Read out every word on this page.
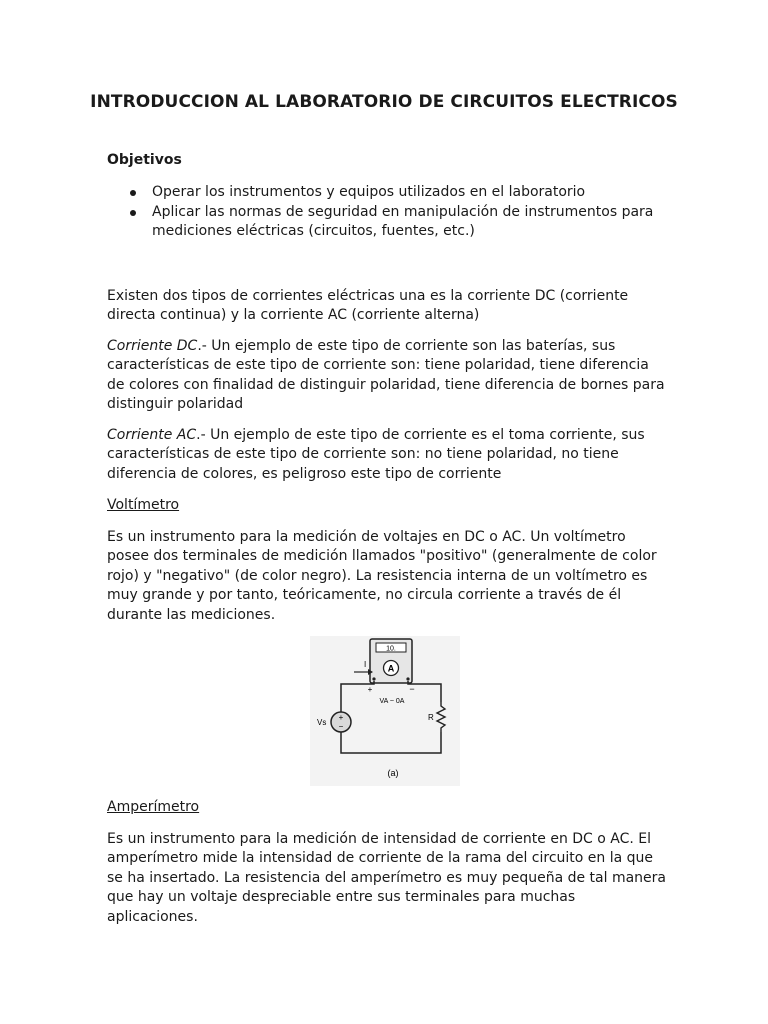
INTRODUCCION AL LABORATORIO DE CIRCUITOS ELECTRICOS
Objetivos
Operar los instrumentos y equipos utilizados en el laboratorio
Aplicar las normas de seguridad en manipulación de instrumentos para mediciones eléctricas (circuitos, fuentes, etc.)

Existen dos tipos de corrientes eléctricas una es la corriente DC (corriente directa continua) y la corriente AC (corriente alterna)

Corriente DC.- Un ejemplo de este tipo de corriente son las baterías, sus características de este tipo de corriente son: tiene polaridad, tiene diferencia de colores con finalidad de distinguir polaridad, tiene diferencia de bornes para distinguir polaridad

Corriente AC.- Un ejemplo de este tipo de corriente es el toma corriente, sus características de este tipo de corriente son: no tiene polaridad, no tiene diferencia de colores, es peligroso este tipo de corriente

Voltímetro

Es un instrumento para la medición de voltajes en DC o AC. Un voltímetro posee dos terminales de medición llamados "positivo" (generalmente de color rojo) y "negativo" (de color negro). La resistencia interna de un voltímetro es muy grande y por tanto, teóricamente, no circula corriente a través de él durante las mediciones.

10.
A
I
+	−
VA ~ 0A
+
−
Vs
R
(a)
Amperímetro

Es un instrumento para la medición de intensidad de corriente en DC o AC. El amperímetro mide la intensidad de corriente de la rama del circuito en la que se ha insertado. La resistencia del amperímetro es muy pequeña de tal manera que hay un voltaje despreciable entre sus terminales para muchas aplicaciones.
